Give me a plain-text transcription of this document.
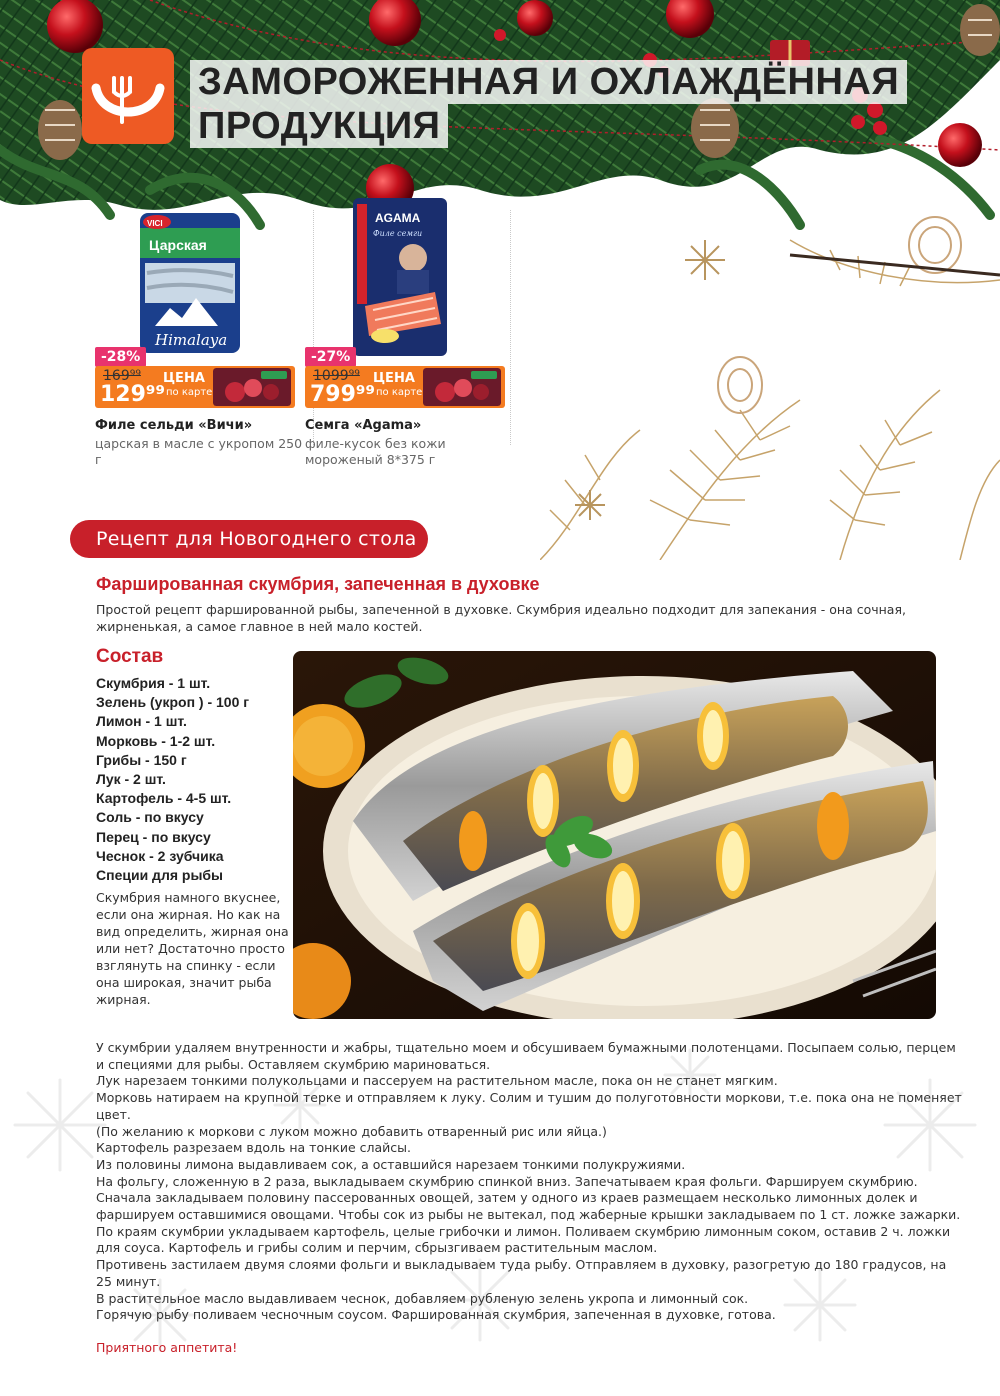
ЗАМОРОЖЕННАЯ И ОХЛАЖДЁННАЯ
ПРОДУКЦИЯ
Царская
Himalaya
VICI
-28%
169⁹⁹
129⁹⁹
ЦЕНА
по карте
Филе сельди «Вичи»
царская в масле с укропом 250 г
AGAMA
Филе семги
-27%
1099⁹⁹
799⁹⁹
ЦЕНА
по карте
Семга «Agama»
филе-кусок без кожи мороженый 8*375 г
Рецепт для Новогоднего стола
Фаршированная скумбрия, запеченная в духовке

Простой рецепт фаршированной рыбы, запеченной в духовке. Скумбрия идеально подходит для запекания - она сочная, жирненькая, а самое главное в ней мало костей.

Состав
Скумбрия - 1 шт.
Зелень (укроп ) - 100 г
Лимон - 1 шт.
Морковь - 1-2 шт.
Грибы - 150 г
Лук - 2 шт.
Картофель - 4-5 шт.
Соль - по вкусу
Перец - по вкусу
Чеснок - 2 зубчика
Специи для рыбы

Скумбрия намного вкуснее, если она жирная. Но как на вид определить, жирная она или нет? Достаточно просто взглянуть на спинку - если она широкая, значит рыба жирная.

У скумбрии удаляем внутренности и жабры, тщательно моем и обсушиваем бумажными полотенцами. Посыпаем солью, перцем и специями для рыбы. Оставляем скумбрию мариноваться.

Лук нарезаем тонкими полукольцами и пассеруем на растительном масле, пока он не станет мягким.

Морковь натираем на крупной терке и отправляем к луку. Солим и тушим до полуготовности моркови, т.е. пока она не поменяет цвет.

(По желанию к моркови с луком можно добавить отваренный рис или яйца.)

Картофель разрезаем вдоль на тонкие слайсы.

Из половины лимона выдавливаем сок, а оставшийся нарезаем тонкими полукружиями.

На фольгу, сложенную в 2 раза, выкладываем скумбрию спинкой вниз. Запечатываем края фольги. Фаршируем скумбрию.

Сначала закладываем половину пассерованных овощей, затем у одного из краев размещаем несколько лимонных долек и фаршируем оставшимися овощами. Чтобы сок из рыбы не вытекал, под жаберные крышки закладываем по 1 ст. ложке зажарки.

По краям скумбрии укладываем картофель, целые грибочки и лимон. Поливаем скумбрию лимонным соком, оставив 2 ч. ложки для соуса. Картофель и грибы солим и перчим, сбрызгиваем растительным маслом.

Противень застилаем двумя слоями фольги и выкладываем туда рыбу. Отправляем в духовку, разогретую до 180 градусов, на 25 минут.

В растительное масло выдавливаем чеснок, добавляем рубленую зелень укропа и лимонный сок.

Горячую рыбу поливаем чесночным соусом. Фаршированная скумбрия, запеченная в духовке, готова.

Приятного аппетита!
